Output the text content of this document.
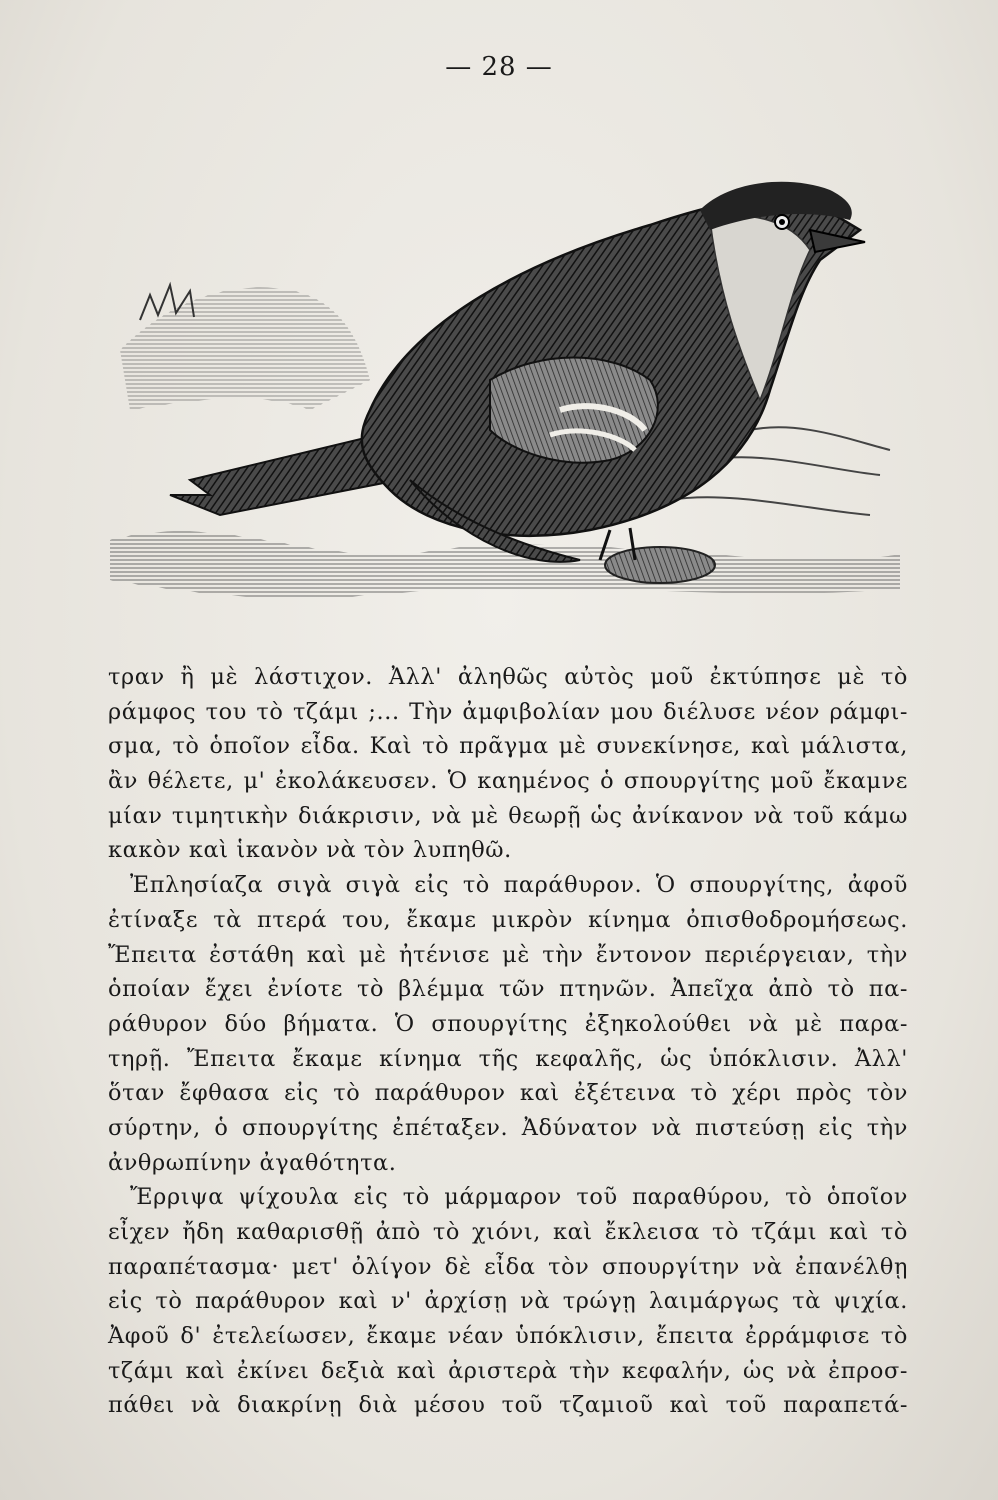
— 28 —
τραν ἢ μὲ λάστιχον. Ἀλλ' ἀληθῶς αὐτὸς μοῦ ἐκτύπησε μὲ τὸ
ράμφος του τὸ τζάμι ;... Τὴν ἀμφιβολίαν μου διέλυσε νέον ράμφι-
σμα, τὸ ὁποῖον εἶδα. Καὶ τὸ πρᾶγμα μὲ συνεκίνησε, καὶ μάλιστα,
ἂν θέλετε, μ' ἐκολάκευσεν. Ὁ καημένος ὁ σπουργίτης μοῦ ἔκαμνε
μίαν τιμητικὴν διάκρισιν, νὰ μὲ θεωρῇ ὡς ἀνίκανον νὰ τοῦ κάμω
κακὸν καὶ ἱκανὸν νὰ τὸν λυπηθῶ.
Ἐπλησίαζα σιγὰ σιγὰ εἰς τὸ παράθυρον. Ὁ σπουργίτης, ἀφοῦ
ἐτίναξε τὰ πτερά του, ἔκαμε μικρὸν κίνημα ὀπισθοδρομήσεως.
Ἔπειτα ἐστάθη καὶ μὲ ἠτένισε μὲ τὴν ἔντονον περιέργειαν, τὴν
ὁποίαν ἔχει ἐνίοτε τὸ βλέμμα τῶν πτηνῶν. Ἀπεῖχα ἀπὸ τὸ πα-
ράθυρον δύο βήματα. Ὁ σπουργίτης ἐξηκολούθει νὰ μὲ παρα-
τηρῇ. Ἔπειτα ἔκαμε κίνημα τῆς κεφαλῆς, ὡς ὑπόκλισιν. Ἀλλ'
ὅταν ἔφθασα εἰς τὸ παράθυρον καὶ ἐξέτεινα τὸ χέρι πρὸς τὸν
σύρτην, ὁ σπουργίτης ἐπέταξεν. Ἀδύνατον νὰ πιστεύσῃ εἰς τὴν
ἀνθρωπίνην ἀγαθότητα.
Ἔρριψα ψίχουλα εἰς τὸ μάρμαρον τοῦ παραθύρου, τὸ ὁποῖον
εἶχεν ἤδη καθαρισθῇ ἀπὸ τὸ χιόνι, καὶ ἔκλεισα τὸ τζάμι καὶ τὸ
παραπέτασμα· μετ' ὀλίγον δὲ εἶδα τὸν σπουργίτην νὰ ἐπανέλθῃ
εἰς τὸ παράθυρον καὶ ν' ἀρχίσῃ νὰ τρώγῃ λαιμάργως τὰ ψιχία.
Ἀφοῦ δ' ἐτελείωσεν, ἔκαμε νέαν ὑπόκλισιν, ἔπειτα ἐρράμφισε τὸ
τζάμι καὶ ἐκίνει δεξιὰ καὶ ἀριστερὰ τὴν κεφαλήν, ὡς νὰ ἐπροσ-
πάθει νὰ διακρίνῃ διὰ μέσου τοῦ τζαμιοῦ καὶ τοῦ παραπετά-
